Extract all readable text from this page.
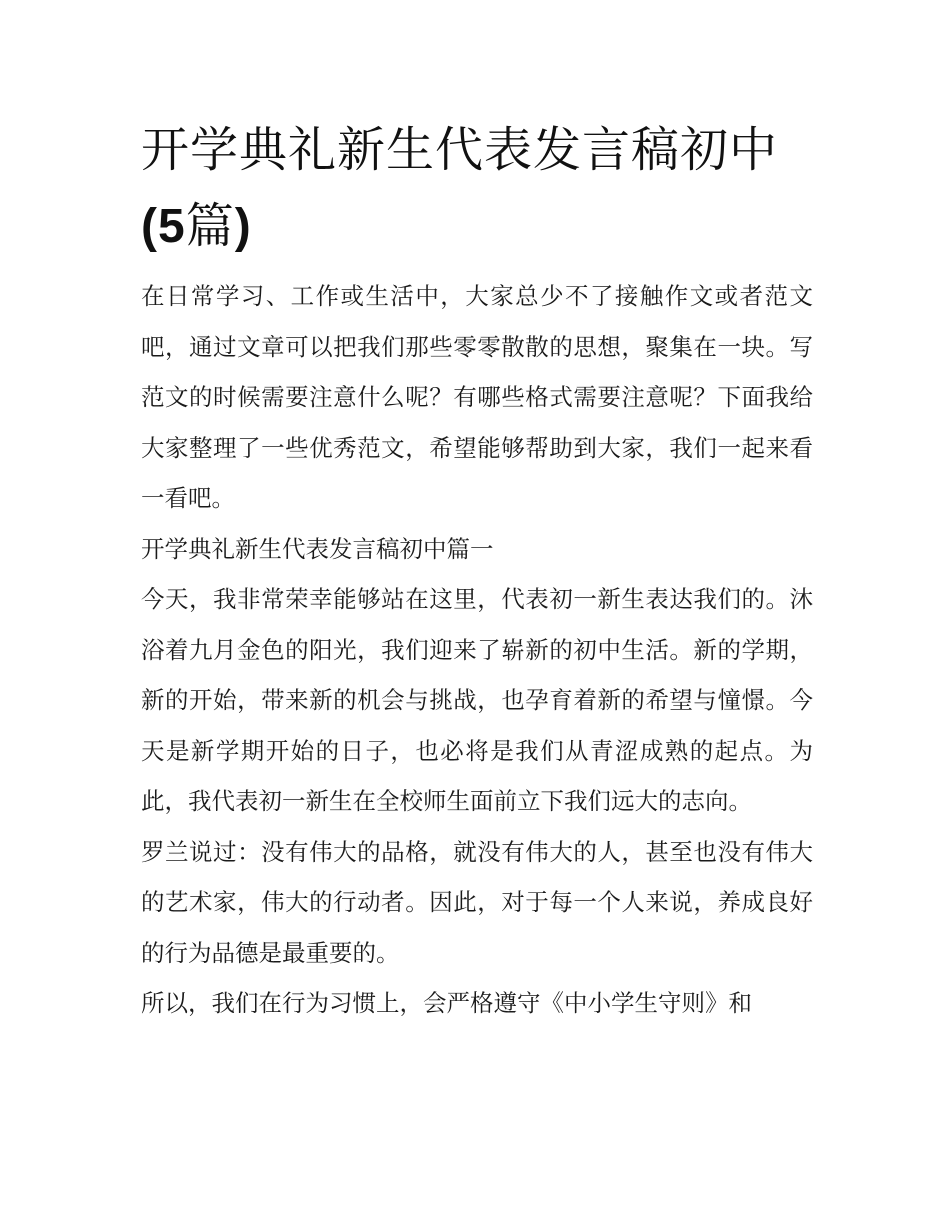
开学典礼新生代表发言稿初中
(5篇)

在日常学习、工作或生活中，大家总少不了接触作文或者范文吧，通过文章可以把我们那些零零散散的思想，聚集在一块。写范文的时候需要注意什么呢？有哪些格式需要注意呢？下面我给大家整理了一些优秀范文，希望能够帮助到大家，我们一起来看一看吧。

开学典礼新生代表发言稿初中篇一

今天，我非常荣幸能够站在这里，代表初一新生表达我们的。沐浴着九月金色的阳光，我们迎来了崭新的初中生活。新的学期，新的开始，带来新的机会与挑战，也孕育着新的希望与憧憬。今天是新学期开始的日子，也必将是我们从青涩成熟的起点。为此，我代表初一新生在全校师生面前立下我们远大的志向。

罗兰说过：没有伟大的品格，就没有伟大的人，甚至也没有伟大的艺术家，伟大的行动者。因此，对于每一个人来说，养成良好的行为品德是最重要的。

所以，我们在行为习惯上，会严格遵守《中小学生守则》和
